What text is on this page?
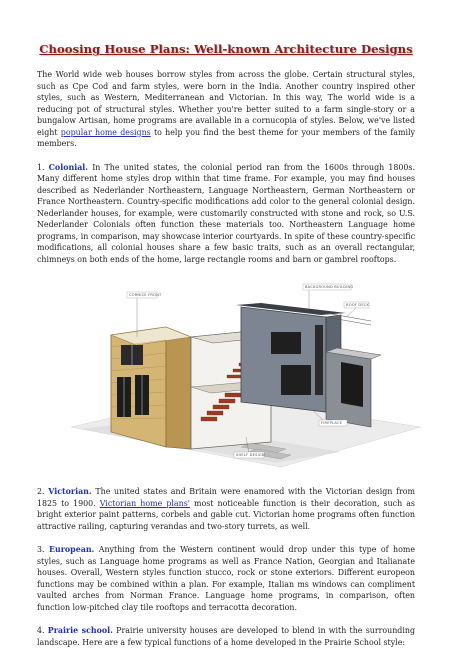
Choosing House Plans: Well-known Architecture Designs

The World wide web houses borrow styles from across the globe. Certain structural styles, such as Cpe Cod and farm styles, were born in the India. Another country inspired other styles, such as Western, Mediterranean and Victorian. In this way, The world wide is a reducing pot of structural styles. Whether you're better suited to a farm single-story or a bungalow Artisan, home programs are available in a cornucopia of styles. Below, we've listed eight popular home designs to help you find the best theme for your members of the family members.

1. Colonial. In The united states, the colonial period ran from the 1600s through 1800s. Many different home styles drop within that time frame. For example, you may find houses described as Nederlander Northeastern, Language Northeastern, German Northeastern or France Northeastern. Country-specific modifications add color to the general colonial design. Nederlander houses, for example, were customarily constructed with stone and rock, so U.S. Nederlander Colonials often function these materials too. Northeastern Language home programs, in comparison, may showcase interior courtyards. In spite of these country-specific modifications, all colonial houses share a few basic traits, such as an overall rectangular, chimneys on both ends of the home, large rectangle rooms and barn or gambrel rooftops.

CORNICE FRONT
BACKGROUND BUILDING
ROOF DECK
FIREPLACE
SHELF DESIGN

2. Victorian. The united states and Britain were enamored with the Victorian design from 1825 to 1900. Victorian home plans' most noticeable function is their decoration, such as bright exterior paint patterns, corbels and gable cut. Victorian home programs often function attractive railing, capturing verandas and two-story turrets, as well.

3. European. Anything from the Western continent would drop under this type of home styles, such as Language home programs as well as France Nation, Georgian and Italianate houses. Overall, Western styles function stucco, rock or stone exteriors. Different europeon functions may be combined within a plan. For example, Italian ms windows can compliment vaulted arches from Norman France. Language home programs, in comparison, often function low-pitched clay tile rooftops and terracotta decoration.

4. Prairie school. Prairie university houses are developed to blend in with the surrounding landscape. Here are a few typical functions of a home developed in the Prairie School style:
